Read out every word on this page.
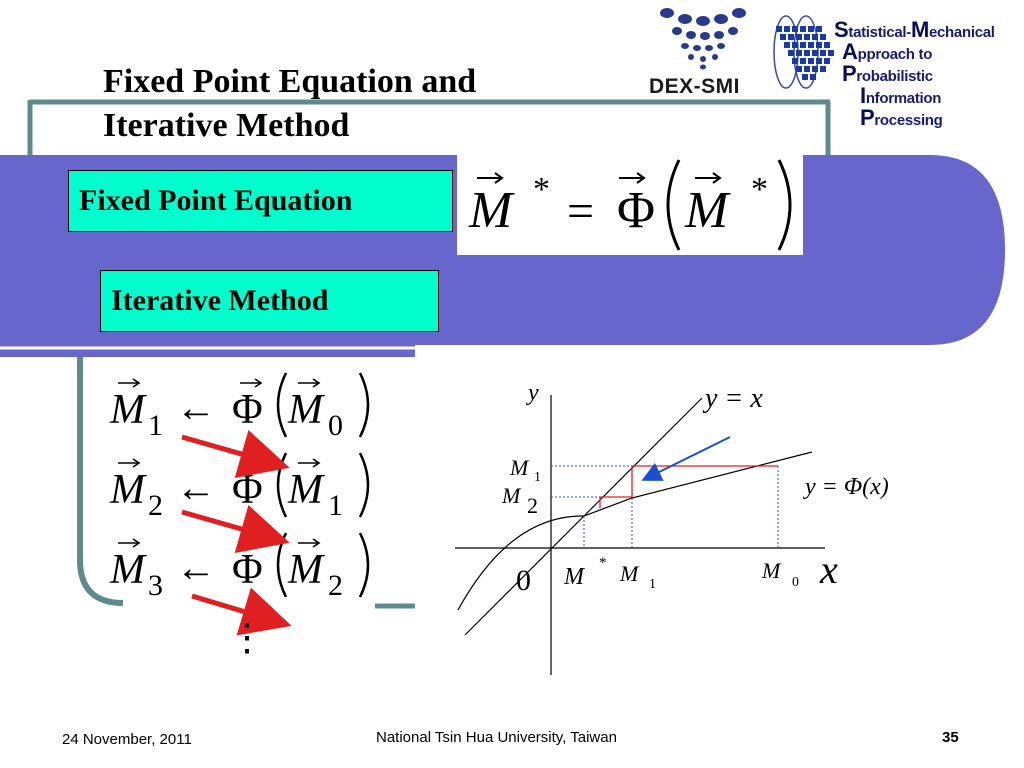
Fixed Point Equation and
Iterative Method
DEX-SMI
Statistical-Mechanical
Approach to Probabilistic
Information Processing
Fixed Point Equation	M * = Φ M *
Iterative Method
M 1 ← Φ M 0
M 2 ← Φ M 1
M 3 ← Φ M 2
⋮
y
x
0
y = x
y = Φ(x)
M 1
M 2
M
* M 1
M 0
24 November, 2011	National Tsin Hua University, Taiwan	35
